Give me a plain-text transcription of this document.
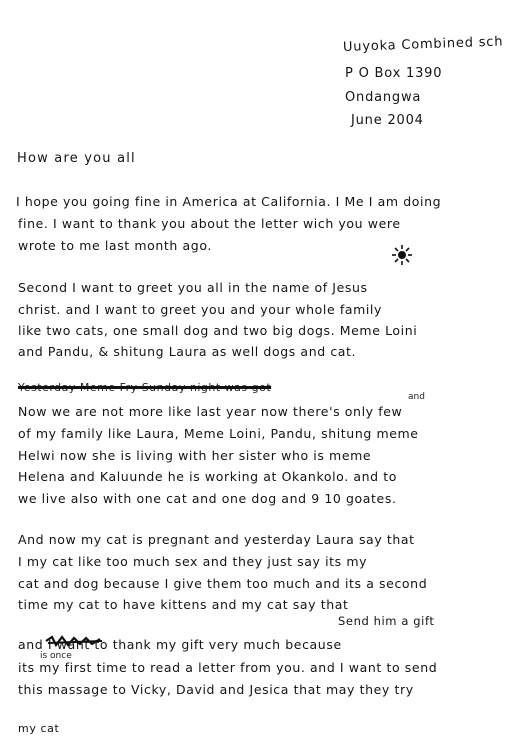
Uuyoka Combined sch
P O Box 1390
Ondangwa
June 2004
How are you all
I hope you going fine in America at California. I Me I am doing
fine. I want to thank you about the letter wich you were
wrote to me last month ago.
Second I want to greet you all in the name of Jesus
christ. and I want to greet you and your whole family
like two cats, one small dog and two big dogs. Meme Loini
and Pandu, & shitung Laura as well dogs and cat.
Yesterday Meme Fry Sunday night was got
and
Now we are not more like last year now there's only few
of my family like Laura, Meme Loini, Pandu, shitung meme
Helwi now she is living with her sister who is meme
Helena and Kaluunde he is working at Okankolo. and to
we live also with one cat and one dog and 9 10 goates.
And now my cat is pregnant and yesterday Laura say that
I my cat like too much sex and they just say its my
cat and dog because I give them too much and its a second
time my cat to have kittens and my cat say that
Send him a gift
and I want to thank my gift very much because
is once
its my first time to read a letter from you. and I want to send
this massage to Vicky, David and Jesica that may they try
my cat
